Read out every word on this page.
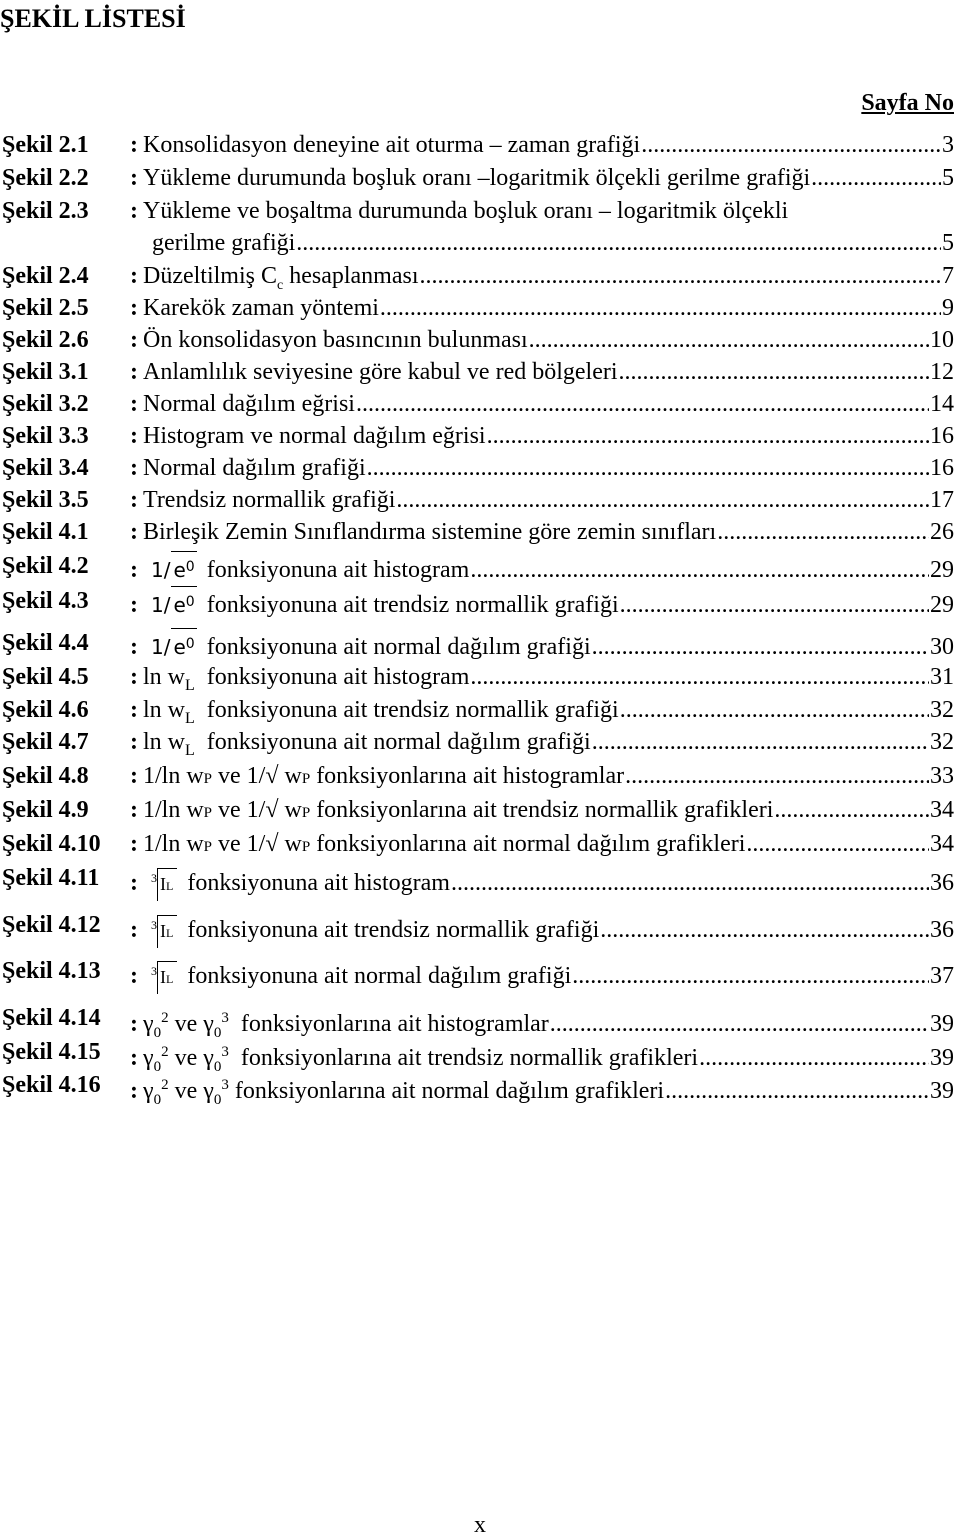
ŞEKİL LİSTESİ
Sayfa No
Şekil 2.1 : Konsolidasyon deneyine ait oturma – zaman grafiği .....	3
Şekil 2.2 : Yükleme durumunda boşluk oranı –logaritmik ölçekli gerilme grafiği .....	5
Şekil 2.3 : Yükleme ve boşaltma durumunda boşluk oranı – logaritmik ölçekli
gerilme grafiği .....	5
Şekil 2.4 : Düzeltilmiş $C_c$ hesaplanması .....	7
Şekil 2.5 : Karekök zaman yöntemi .....	9
Şekil 2.6 : Ön konsolidasyon basıncının bulunması .....	10
Şekil 3.1 : Anlamlılık seviyesine göre kabul ve red bölgeleri .....	12
Şekil 3.2 : Normal dağılım eğrisi .....	14
Şekil 3.3 : Histogram ve normal dağılım eğrisi .....	16
Şekil 3.4 : Normal dağılım grafiği .....	16
Şekil 3.5 : Trendsiz normallik grafiği .....	17
Şekil 4.1 : Birleşik Zemin Sınıflandırma sistemine göre zemin sınıfları .....	26
Şekil 4.2 : 1/ $e^0$ fonksiyonuna ait histogram .....	29
Şekil 4.3 : 1/ $e^0$ fonksiyonuna ait trendsiz normallik grafiği .....	29
Şekil 4.4 : 1/ $e^0$ fonksiyonuna ait normal dağılım grafiği .....	30
Şekil 4.5 : $\ln w_L$  fonksiyonuna ait histogram .....	31
Şekil 4.6 : $\ln w_L$  fonksiyonuna ait trendsiz normallik grafiği .....	32
Şekil 4.7 : $\ln w_L$  fonksiyonuna ait normal dağılım grafiği .....	32
Şekil 4.8 : 1/ln wP ve 1/√ wP fonksiyonlarına ait histogramlar .....	33
Şekil 4.9 : 1/ln wP ve 1/√ wP fonksiyonlarına ait trendsiz normallik grafikleri .....	34
Şekil 4.10 : 1/ln wP ve 1/√ wP fonksiyonlarına ait normal dağılım grafikleri .....	34
Şekil 4.11 : $^3$ IL fonksiyonuna ait histogram .....	36
Şekil 4.12 : $^3$ IL fonksiyonuna ait trendsiz normallik grafiği .....	36
Şekil 4.13 : $^3$ IL fonksiyonuna ait normal dağılım grafiği .....	37
Şekil 4.14 : $\gamma_0^2$ ve $\gamma_0^3$  fonksiyonlarına ait histogramlar .....	39
Şekil 4.15 : $\gamma_0^2$ ve $\gamma_0^3$  fonksiyonlarına ait trendsiz normallik grafikleri .....	39
Şekil 4.16 : $\gamma_0^2$ ve $\gamma_0^3$ fonksiyonlarına ait normal dağılım grafikleri .....	39
x
